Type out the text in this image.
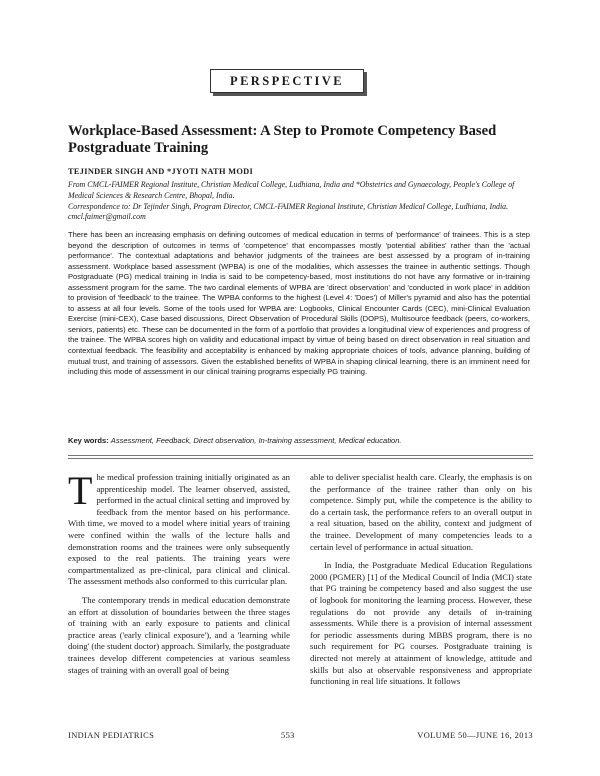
PERSPECTIVE
Workplace-Based Assessment: A Step to Promote Competency Based Postgraduate Training
TEJINDER SINGH AND *JYOTI NATH MODI

From CMCL-FAIMER Regional Institute, Christian Medical College, Ludhiana, India and *Obstetrics and Gynaecology, People's College of Medical Sciences & Research Centre, Bhopal, India.

Correspondence to: Dr Tejinder Singh, Program Director, CMCL-FAIMER Regional Institute, Christian Medical College, Ludhiana, India. cmcl.faimer@gmail.com

There has been an increasing emphasis on defining outcomes of medical education in terms of 'performance' of trainees. This is a step beyond the description of outcomes in terms of 'competence' that encompasses mostly 'potential abilities' rather than the 'actual performance'. The contextual adaptations and behavior judgments of the trainees are best assessed by a program of in-training assessment. Workplace based assessment (WPBA) is one of the modalities, which assesses the trainee in authentic settings. Though Postgraduate (PG) medical training in India is said to be competency-based, most institutions do not have any formative or in-training assessment program for the same. The two cardinal elements of WPBA are 'direct observation' and 'conducted in work place' in addition to provision of 'feedback' to the trainee. The WPBA conforms to the highest (Level 4: 'Does') of Miller's pyramid and also has the potential to assess at all four levels. Some of the tools used for WPBA are: Logbooks, Clinical Encounter Cards (CEC), mini-Clinical Evaluation Exercise (mini-CEX), Case based discussions, Direct Observation of Procedural Skills (DOPS), Multisource feedback (peers, co-workers, seniors, patients) etc. These can be documented in the form of a portfolio that provides a longitudinal view of experiences and progress of the trainee. The WPBA scores high on validity and educational impact by virtue of being based on direct observation in real situation and contextual feedback. The feasibility and acceptability is enhanced by making appropriate choices of tools, advance planning, building of mutual trust, and training of assessors. Given the established benefits of WPBA in shaping clinical learning, there is an imminent need for including this mode of assessment in our clinical training programs especially PG training.

Key words: Assessment, Feedback, Direct observation, In-training assessment, Medical education.

The medical profession training initially originated as an apprenticeship model. The learner observed, assisted, performed in the actual clinical setting and improved by feedback from the mentor based on his performance. With time, we moved to a model where initial years of training were confined within the walls of the lecture halls and demonstration rooms and the trainees were only subsequently exposed to the real patients. The training years were compartmentalized as pre-clinical, para clinical and clinical. The assessment methods also conformed to this curricular plan.

The contemporary trends in medical education demonstrate an effort at dissolution of boundaries between the three stages of training with an early exposure to patients and clinical practice areas ('early clinical exposure'), and a 'learning while doing' (the student doctor) approach. Similarly, the postgraduate trainees develop different competencies at various seamless stages of training with an overall goal of being

able to deliver specialist health care. Clearly, the emphasis is on the performance of the trainee rather than only on his competence. Simply put, while the competence is the ability to do a certain task, the performance refers to an overall output in a real situation, based on the ability, context and judgment of the trainee. Development of many competencies leads to a certain level of performance in actual situation.

In India, the Postgraduate Medical Education Regulations 2000 (PGMER) [1] of the Medical Council of India (MCI) state that PG training be competency based and also suggest the use of logbook for monitoring the learning process. However, these regulations do not provide any details of in-training assessments. While there is a provision of internal assessment for periodic assessments during MBBS program, there is no such requirement for PG courses. Postgraduate training is directed not merely at attainment of knowledge, attitude and skills but also at observable responsiveness and appropriate functioning in real life situations. It follows

INDIAN PEDIATRICS	553	VOLUME 50—JUNE 16, 2013
